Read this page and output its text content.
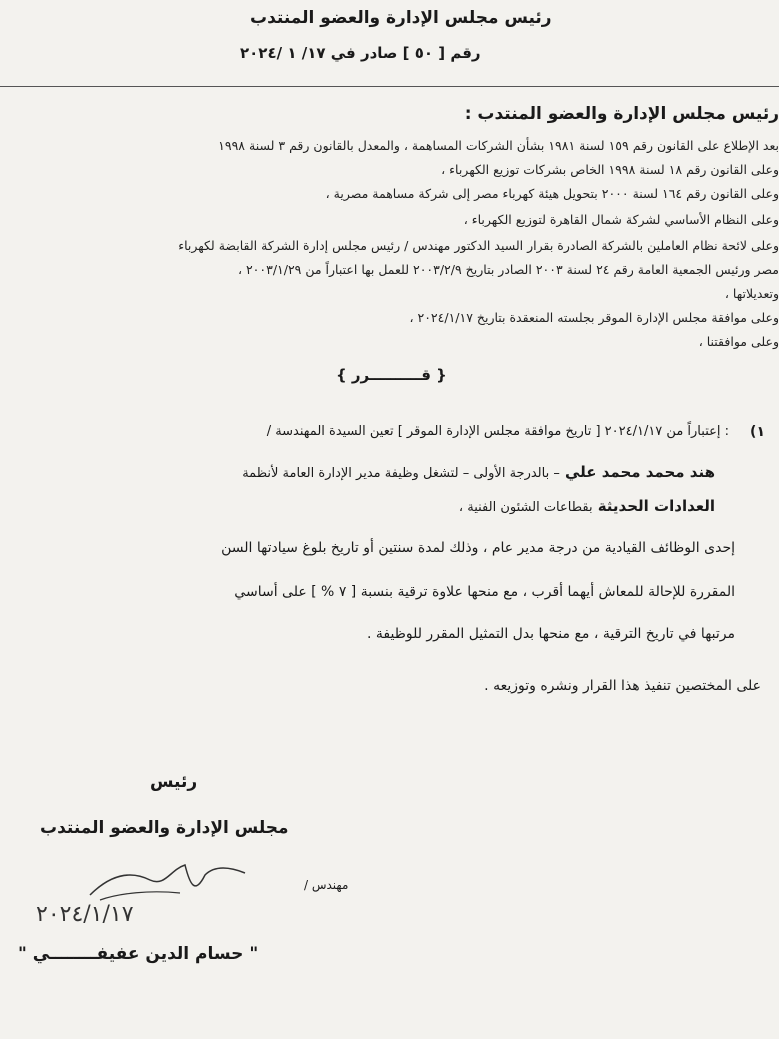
رئيس مجلس الإدارة والعضو المنتدب
رقم [ ٥٠ ] صادر في ١٧/ ١ /٢٠٢٤
رئيس مجلس الإدارة والعضو المنتدب :
بعد الإطلاع على القانون رقم ١٥٩ لسنة ١٩٨١ بشأن الشركات المساهمة ، والمعدل بالقانون رقم ٣ لسنة ١٩٩٨
وعلى القانون رقم ١٨ لسنة ١٩٩٨ الخاص بشركات توزيع الكهرباء ،
وعلى القانون رقم ١٦٤ لسنة ٢٠٠٠ بتحويل هيئة كهرباء مصر إلى شركة مساهمة مصرية ،
وعلى النظام الأساسي لشركة شمال القاهرة لتوزيع الكهرباء ،
وعلى لائحة نظام العاملين بالشركة الصادرة بقرار السيد الدكتور مهندس / رئيس مجلس إدارة الشركة القابضة لكهرباء
مصر ورئيس الجمعية العامة رقم ٢٤ لسنة ٢٠٠٣ الصادر بتاريخ ٢٠٠٣/٢/٩ للعمل بها اعتباراً من ٢٠٠٣/١/٢٩ ،
وتعديلاتها ،
وعلى موافقة مجلس الإدارة الموقر بجلسته المنعقدة بتاريخ ٢٠٢٤/١/١٧ ،
وعلى موافقتنا ،
{ قــــــــــرر }
١)
: إعتباراً من ٢٠٢٤/١/١٧ [ تاريخ موافقة مجلس الإدارة الموقر ] تعين السيدة المهندسة /
هند محمد محمد علي – بالدرجة الأولى – لتشغل وظيفة مدير الإدارة العامة لأنظمة
العدادات الحديثة بقطاعات الشئون الفنية ،
إحدى الوظائف القيادية من درجة مدير عام ، وذلك لمدة سنتين أو تاريخ بلوغ سيادتها السن
المقررة للإحالة للمعاش أيهما أقرب ، مع منحها علاوة ترقية بنسبة [ ٧ % ] على أساسي
مرتبها في تاريخ الترقية ، مع منحها بدل التمثيل المقرر للوظيفة .
على المختصين تنفيذ هذا القرار ونشره وتوزيعه .
رئيس
مجلس الإدارة والعضو المنتدب
مهندس /
٢٠٢٤/١/١٧
" حسام الدين عفيفــــــــي "
